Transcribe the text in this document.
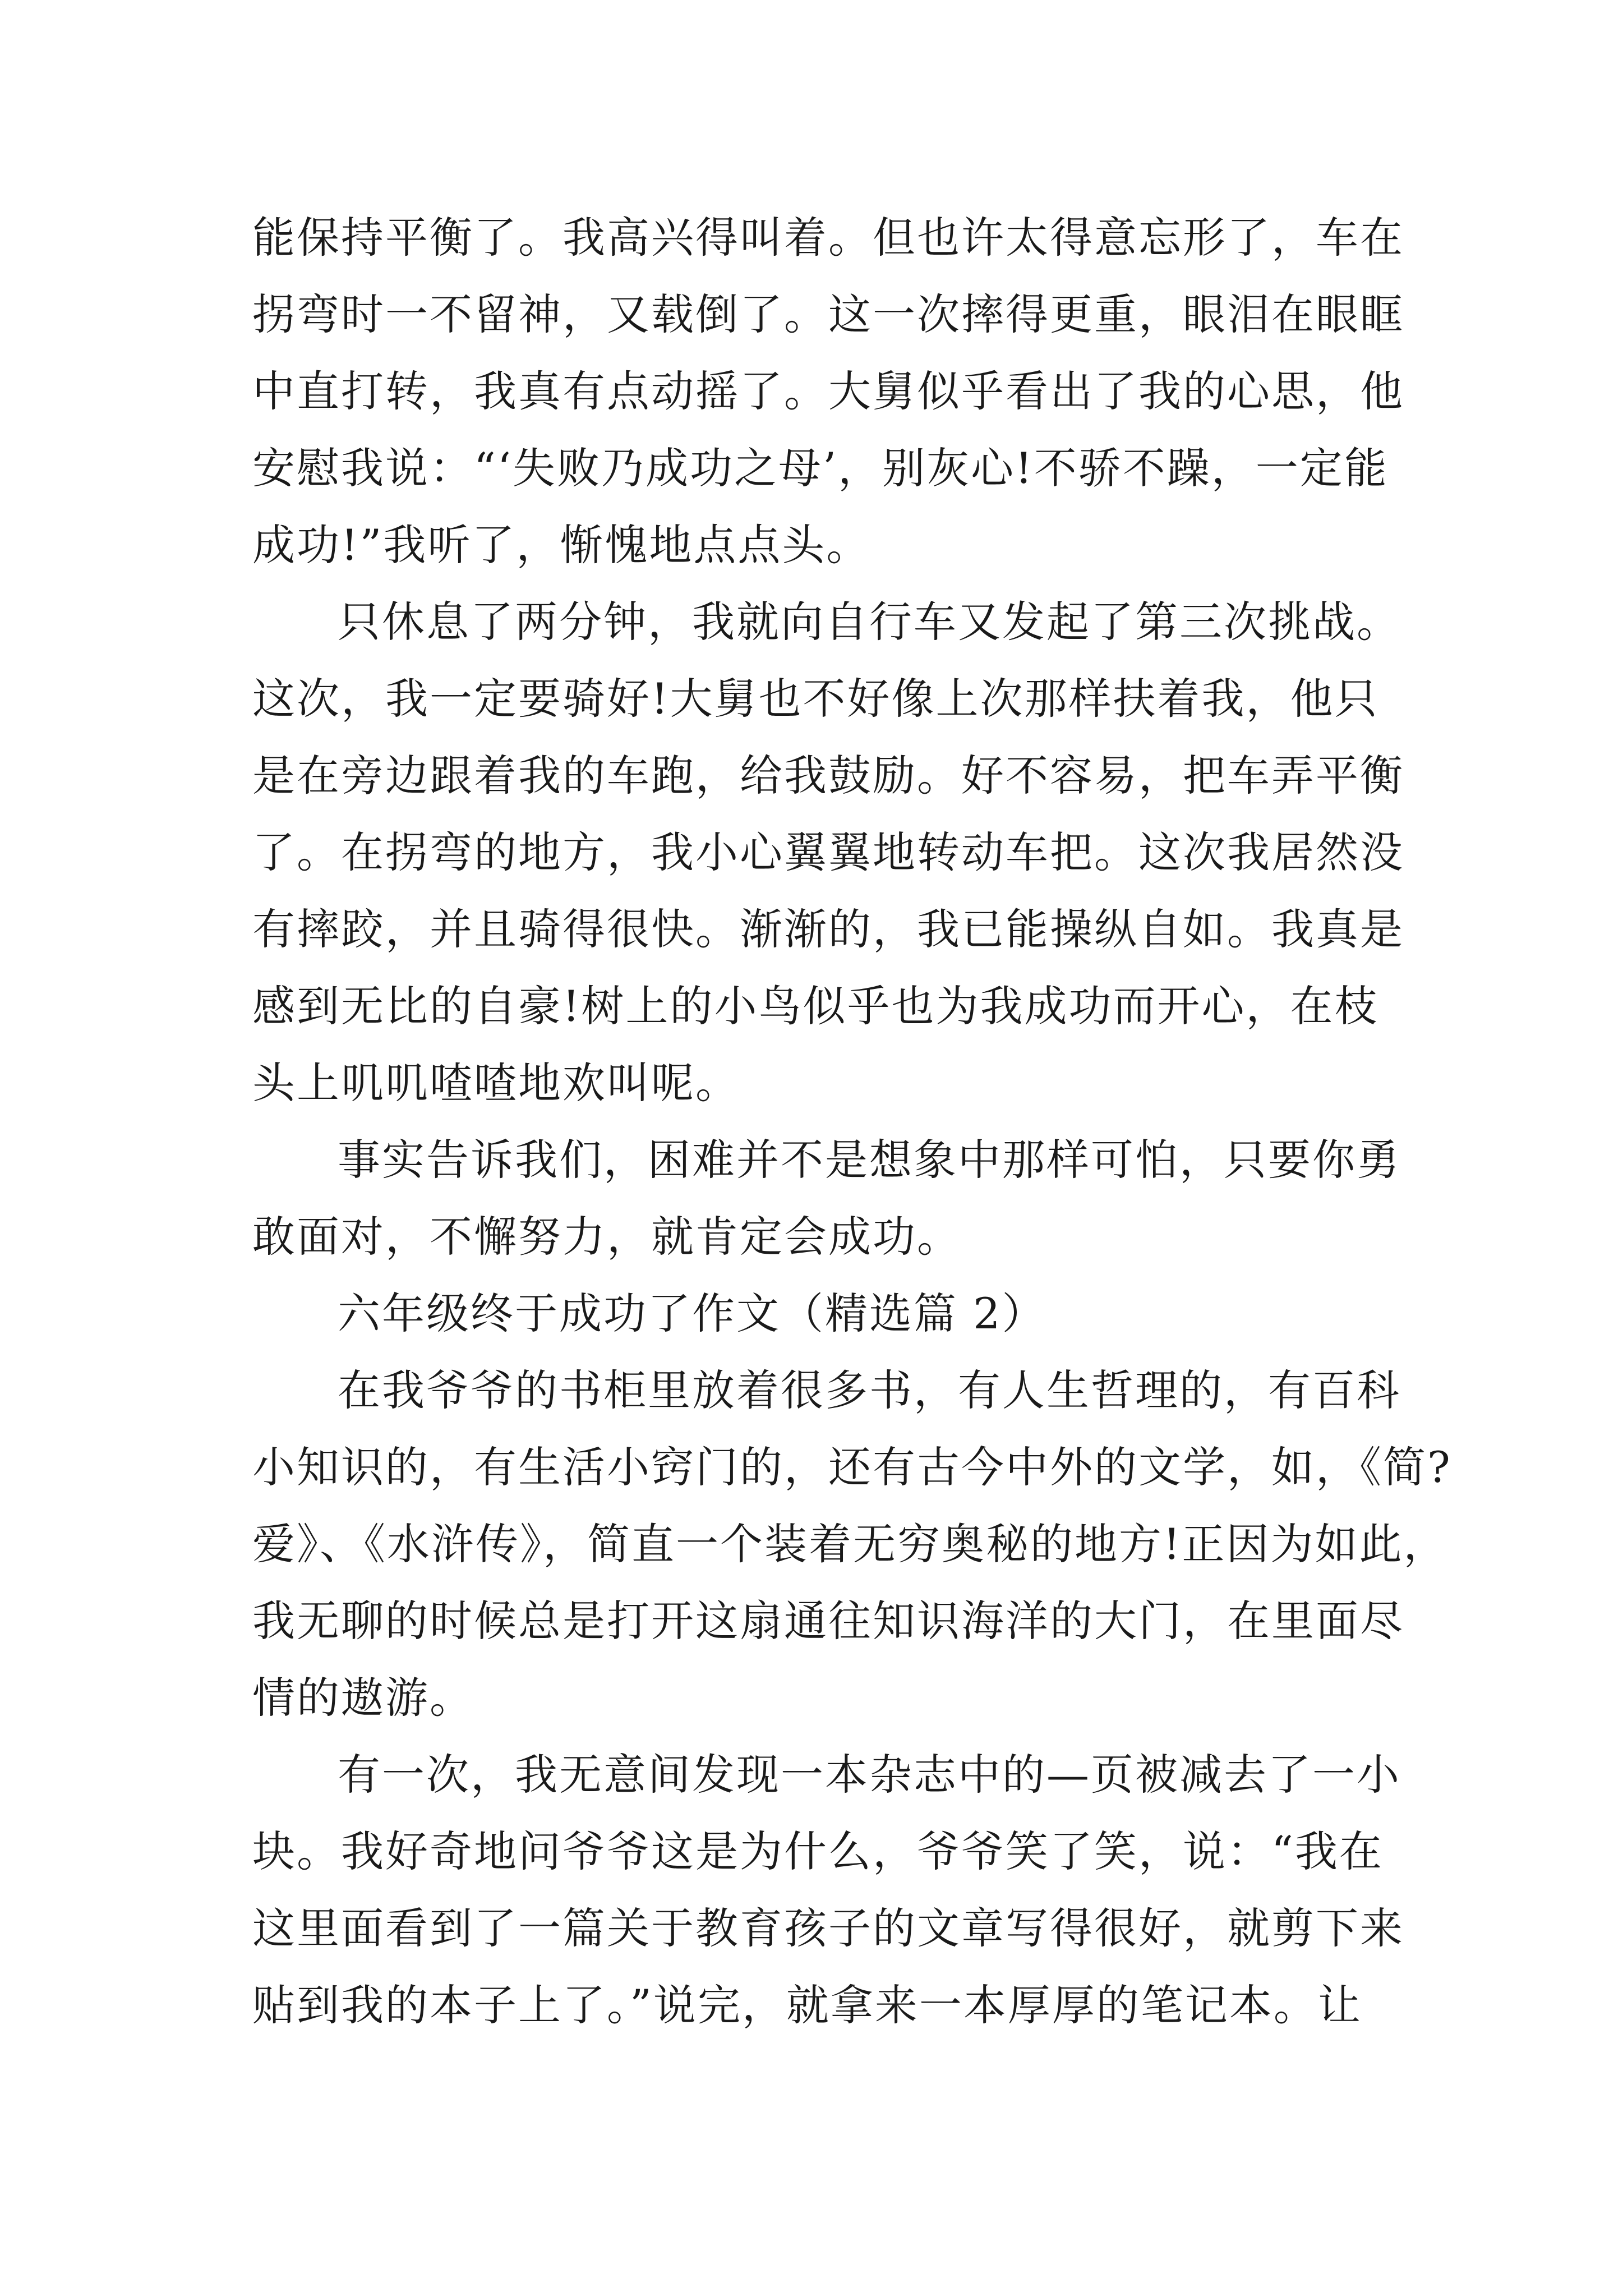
能保持平衡了。我高兴得叫着。但也许太得意忘形了，车在
拐弯时一不留神，又载倒了。这一次摔得更重，眼泪在眼眶
中直打转，我真有点动摇了。大舅似乎看出了我的心思，他
安慰我说：“‘失败乃成功之母’，别灰心!不骄不躁，一定能
成功!”我听了，惭愧地点点头。
只休息了两分钟，我就向自行车又发起了第三次挑战。
这次，我一定要骑好!大舅也不好像上次那样扶着我，他只
是在旁边跟着我的车跑，给我鼓励。好不容易，把车弄平衡
了。在拐弯的地方，我小心翼翼地转动车把。这次我居然没
有摔跤，并且骑得很快。渐渐的，我已能操纵自如。我真是
感到无比的自豪!树上的小鸟似乎也为我成功而开心，在枝
头上叽叽喳喳地欢叫呢。
事实告诉我们，困难并不是想象中那样可怕，只要你勇
敢面对，不懈努力，就肯定会成功。
六年级终于成功了作文（精选篇 2）
在我爷爷的书柜里放着很多书，有人生哲理的，有百科
小知识的，有生活小窍门的，还有古今中外的文学，如，《简?
爱》、《水浒传》，简直一个装着无穷奥秘的地方!正因为如此，
我无聊的时候总是打开这扇通往知识海洋的大门，在里面尽
情的遨游。
有一次，我无意间发现一本杂志中的—页被减去了一小
块。我好奇地问爷爷这是为什么，爷爷笑了笑，说：“我在
这里面看到了一篇关于教育孩子的文章写得很好，就剪下来
贴到我的本子上了。”说完，就拿来一本厚厚的笔记本。让
